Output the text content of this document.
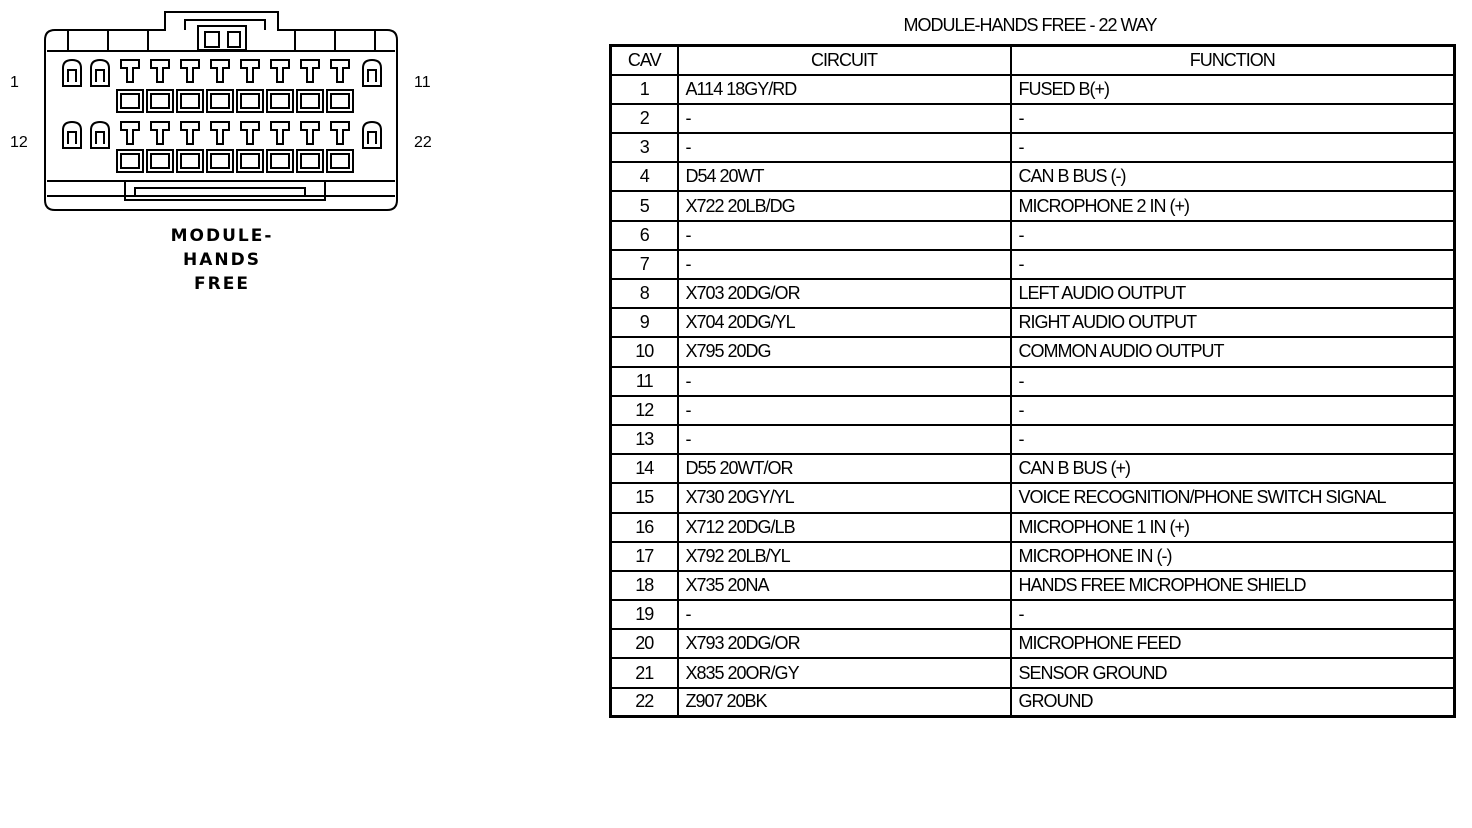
1	11
12	22
MODULE-
HANDS
FREE
MODULE-HANDS FREE - 22 WAY
CAV	CIRCUIT	FUNCTION
1	A114 18GY/RD	FUSED B(+)
2	-	-
3	-	-
4	D54 20WT	CAN B BUS (-)
5	X722 20LB/DG	MICROPHONE 2 IN (+)
6	-	-
7	-	-
8	X703 20DG/OR	LEFT AUDIO OUTPUT
9	X704 20DG/YL	RIGHT AUDIO OUTPUT
10	X795 20DG	COMMON AUDIO OUTPUT
11	-	-
12	-	-
13	-	-
14	D55 20WT/OR	CAN B BUS (+)
15	X730 20GY/YL	VOICE RECOGNITION/PHONE SWITCH SIGNAL
16	X712 20DG/LB	MICROPHONE 1 IN (+)
17	X792 20LB/YL	MICROPHONE IN (-)
18	X735 20NA	HANDS FREE MICROPHONE SHIELD
19	-	-
20	X793 20DG/OR	MICROPHONE FEED
21	X835 20OR/GY	SENSOR GROUND
22	Z907 20BK	GROUND
